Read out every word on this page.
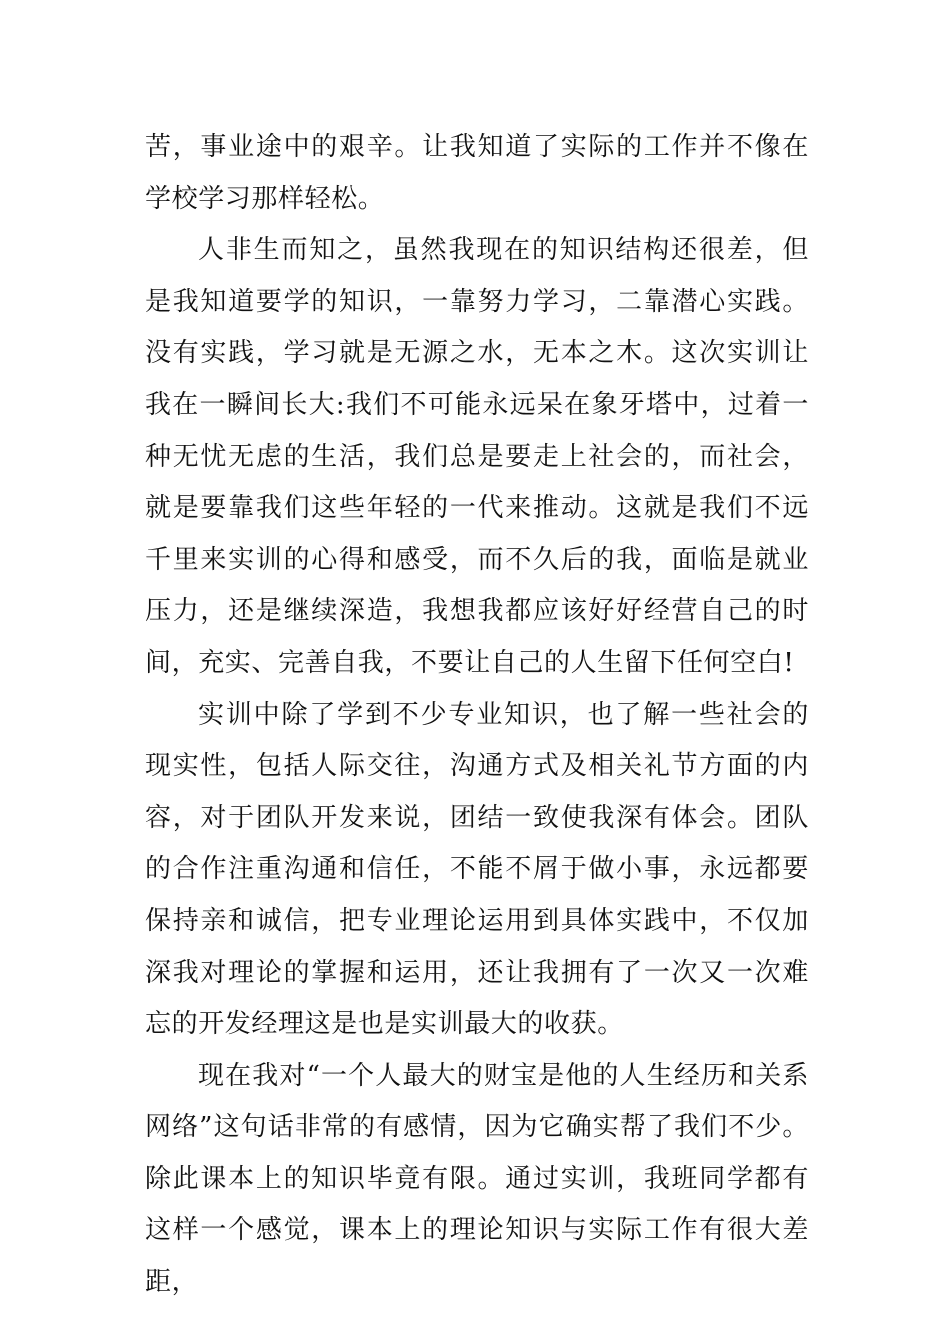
苦，事业途中的艰辛。让我知道了实际的工作并不像在学校学习那样轻松。

人非生而知之，虽然我现在的知识结构还很差，但是我知道要学的知识，一靠努力学习，二靠潜心实践。没有实践，学习就是无源之水，无本之木。这次实训让我在一瞬间长大:我们不可能永远呆在象牙塔中，过着一种无忧无虑的生活，我们总是要走上社会的，而社会，就是要靠我们这些年轻的一代来推动。这就是我们不远千里来实训的心得和感受，而不久后的我，面临是就业压力，还是继续深造，我想我都应该好好经营自己的时间，充实、完善自我，不要让自己的人生留下任何空白!

实训中除了学到不少专业知识，也了解一些社会的现实性，包括人际交往，沟通方式及相关礼节方面的内容，对于团队开发来说，团结一致使我深有体会。团队的合作注重沟通和信任，不能不屑于做小事，永远都要保持亲和诚信，把专业理论运用到具体实践中，不仅加深我对理论的掌握和运用，还让我拥有了一次又一次难忘的开发经理这是也是实训最大的收获。

现在我对“一个人最大的财宝是他的人生经历和关系网络”这句话非常的有感情，因为它确实帮了我们不少。除此课本上的知识毕竟有限。通过实训，我班同学都有这样一个感觉，课本上的理论知识与实际工作有很大差距，
